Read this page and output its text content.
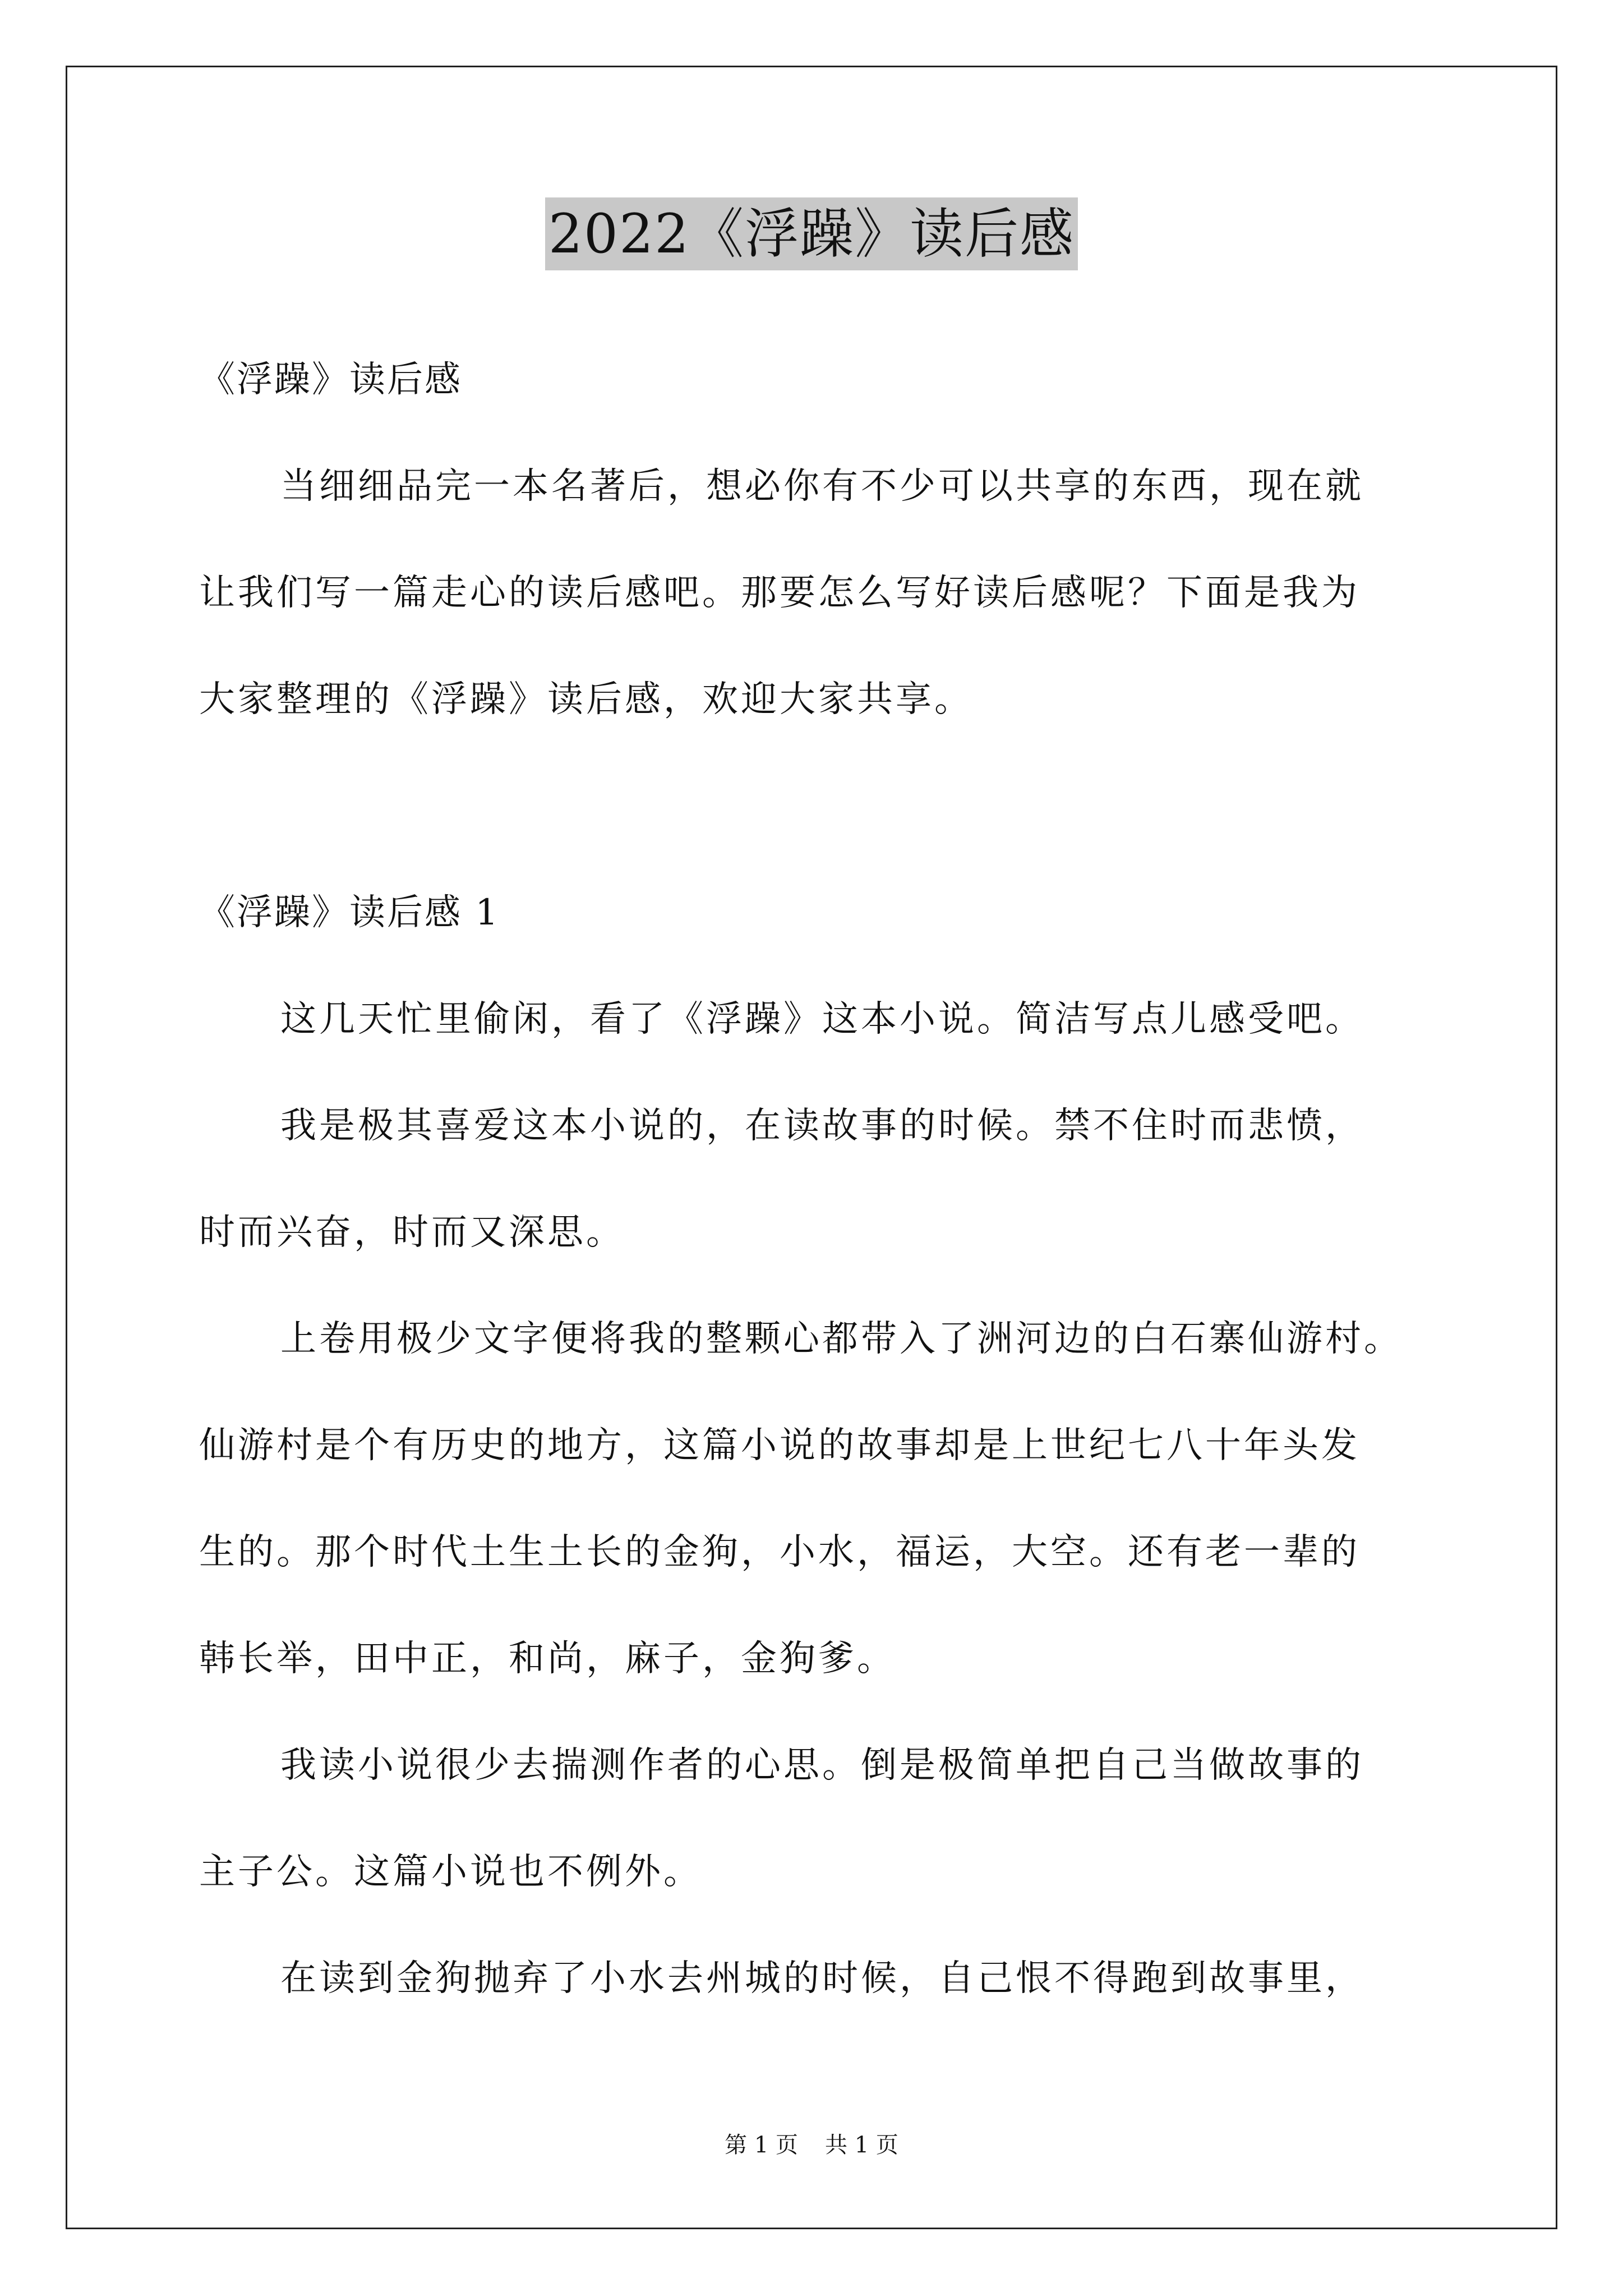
2022《浮躁》读后感
《浮躁》读后感
当细细品完一本名著后，想必你有不少可以共享的东西，现在就
让我们写一篇走心的读后感吧。那要怎么写好读后感呢？下面是我为
大家整理的《浮躁》读后感，欢迎大家共享。
《浮躁》读后感 1
这几天忙里偷闲，看了《浮躁》这本小说。简洁写点儿感受吧。
我是极其喜爱这本小说的，在读故事的时候。禁不住时而悲愤，
时而兴奋，时而又深思。
上卷用极少文字便将我的整颗心都带入了洲河边的白石寨仙游村。
仙游村是个有历史的地方，这篇小说的故事却是上世纪七八十年头发
生的。那个时代土生土长的金狗，小水，福运，大空。还有老一辈的
韩长举，田中正，和尚，麻子，金狗爹。
我读小说很少去揣测作者的心思。倒是极简单把自己当做故事的
主子公。这篇小说也不例外。
在读到金狗抛弃了小水去州城的时候，自己恨不得跑到故事里，
第 1 页 共 1 页
